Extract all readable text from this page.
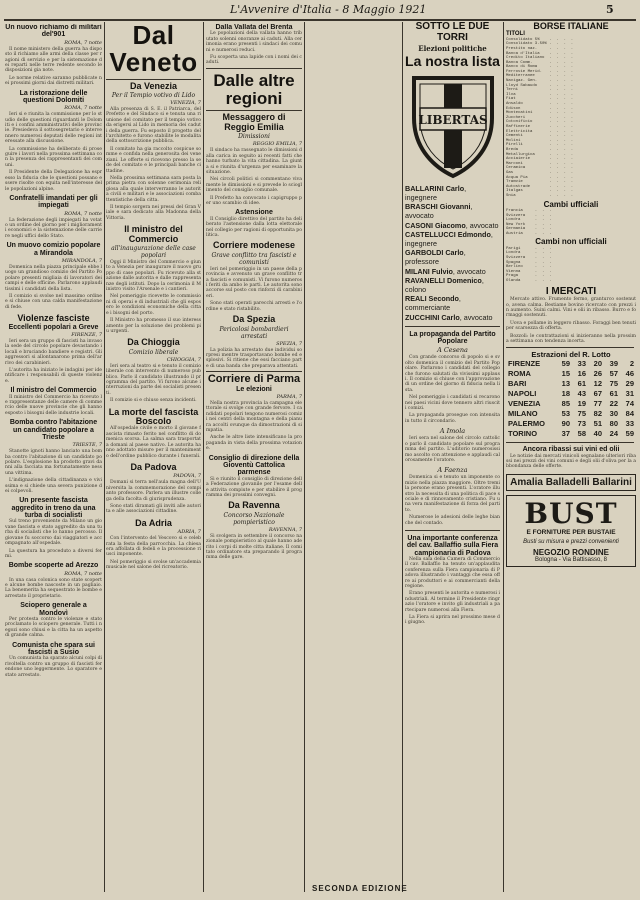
L'Avvenire d'Italia - 8 Maggio 1921	5
Un nuovo richiamo di militari del'901
ROMA, 7 notte

Il nome ministero della guerra ha disposto il richiamo alle armi della classe per ragioni di servizio e per la sistemazione dei reparti nelle terre redente secondo le disposizioni gia note.

Le norme relative saranno pubblicate nei prossimi giorni dai distretti militari.

La ristorazione delle questioni Dolomiti
ROMA, 7 notte

Ieri si e riunita la commissione per lo studio delle questioni riguardanti le Dolomiti e i confini amministrativi delle provincie. Presiedeva il sottosegretario e intervennero numerosi deputati delle regioni interessate alla discussione.

La commissione ha deliberato di proseguire i lavori nella prossima settimana con la presenza dei rappresentanti dei comuni.

Il Presidente della Delegazione ha espresso la fiducia che le questioni possano essere risolte con equita nell'interesse delle popolazioni alpine.

Confratelli imandati per gli impiegati
ROMA, 7 notte

La federazione degli impiegati ha votato un ordine del giorno per i miglioramenti economici e la sistemazione delle carriere negli uffici dello Stato.

Un muovo comizio popolare a Mirandola
MIRANDOLA, 7

Domenica nella piazza principale ebbe luogo un grandioso comizio del Partito Popolare presenti migliaia di lavoratori dei campi e delle officine. Parlarono applauditissimi i candidati della lista.

Il comizio si svolse nel massimo ordine e si chiuse con una calda manifestazione di fede.

Violenze fasciste
Eccellenti popolari a Greve
FIRENZE, 7

Ieri sera un gruppo di fascisti ha invaso la sede del circolo popolare devastando i locali e bruciando bandiere e registri. Gli aggressori si allontanarono prima dell'arrivo dei carabinieri.

L'autorita ha iniziato le indagini per identificare i responsabili di queste violenze.

Il ministro del Commercio

Il ministro del Commercio ha ricevuto le rappresentanze delle camere di commercio delle nuove provincie che gli hanno esposto i bisogni delle industrie locali.

Bomba contro l'abitazione un candidato popolare a Trieste
TRIESTE, 7

Stanotte ignoti hanno lanciato una bomba contro l'abitazione di un candidato popolare. L'esplosione ha prodotto gravi danni alla facciata ma fortunatamente nessuna vittima.

L'indignazione della cittadinanza e vivissima e si chiede una severa punizione dei colpevoli.

Un presente fascista aggredito in treno da una turba di socialisti

Sul treno proveniente da Milano un giovane fascista e stato aggredito da una turba di socialisti che lo hanno percosso. Il giovane fu soccorso dai viaggiatori e accompagnato all'ospedale.

La questura ha proceduto a diversi fermi.

Bombe scoperte ad Arezzo
ROMA, 7 notte

In una casa colonica sono state scoperte alcune bombe nascoste in un pagliaio. La benemerita ha sequestrato le bombe e arrestato il proprietario.

Sciopero generale a Mondovì

Per protesta contro le violenze e stato proclamato lo sciopero generale. Tutti i negozi sono chiusi e la citta ha un aspetto di grande calma.

Comunista che spara sui fascisti a Susio

Un comunista ha sparato alcuni colpi di rivoltella contro un gruppo di fascisti ferendone uno leggermente. Lo sparatore e stato arrestato.

Dal Veneto
Da Venezia
Per il Tempio votivo di Lido
VENEZIA, 7

Alla presenza di S. E. il Patriarca, del Prefetto e del Sindaco si e tenuta una riunione del comitato per il tempio votivo da erigersi al Lido in memoria dei caduti della guerra. Fu esposto il progetto dell'architetto e furono stabilite le modalita della sottoscrizione pubblica.

Il comitato ha gia raccolto cospicue somme e confida nella generosita dei veneziani. Le offerte si ricevono presso la sede del comitato e le principali banche cittadine.

Nella prossima settimana sara posta la prima pietra con solenne cerimonia religiosa alla quale interverranno le autorita civili e militari e le associazioni combattentistiche della citta.

Il tempio sorgera nei pressi del Gran Viale e sara dedicato alla Madonna della Vittoria.

Il ministro del Commercio
all'inaugurazione delle case popolari

Oggi il Ministro del Commercio e giunto a Venezia per inaugurare il nuovo gruppo di case popolari. Fu ricevuto alla stazione dalle autorita e dalle rappresentanze degli istituti. Dopo la cerimonia il Ministro visito l'Arsenale e i cantieri.

Nel pomeriggio ricevette le commissioni di operai e di industriali che gli esposero le condizioni economiche della citta e i bisogni del porto.

Il Ministro ha promesso il suo interessamento per la soluzione dei problemi piu urgenti.

Da Chioggia
Comizio liberale
CHIOGGIA, 7

Ieri sera al teatro si e tenuto il comizio liberale con intervento di numeroso pubblico. Parlo il candidato illustrando il programma del partito. Vi furono alcune interruzioni da parte dei socialisti presenti.

Il comizio si e chiuso senza incidenti.

La morte del fascista Boscolo

All'ospedale civile e morto il giovane fascista rimasto ferito nel conflitto di domenica scorsa. La salma sara trasportata domani al paese nativo. Le autorita hanno adottato misure per il mantenimento dell'ordine pubblico durante i funerali.

Da Padova
PADOVA, 7

Domani si terra nell'aula magna dell'Universita la commemorazione del compianto professore. Parlera un illustre collega della facolta di giurisprudenza.

Sono stati diramati gli inviti alle autorita e alle associazioni cittadine.

Da Adria
ADRIA, 7

Con l'intervento del Vescovo si e celebrata la festa della parrocchia. La chiesa era affollata di fedeli e la processione riusci imponente.

Nel pomeriggio si svolse un'accademia musicale nel salone del ricreatorio.

Dalla Vallata del Brenta

Le popolazioni della vallata hanno tributato solenni onoranze ai caduti. Alla cerimonia erano presenti i sindaci dei comuni e numerosi reduci.

Fu scoperta una lapide con i nomi dei caduti.

Dalle altre regioni
Messaggero di Reggio Emilia
Dimissioni
REGGIO EMILIA, 7

Il sindaco ha rassegnato le dimissioni dalla carica in seguito ai recenti fatti che hanno turbato la vita cittadina. La giunta si e riunita d'urgenza per esaminare la situazione.

Nei circoli politici si commentano vivamente le dimissioni e si prevede lo scioglimento del consiglio comunale.

Il Prefetto ha convocato i capigruppo per uno scambio di idee.

Astensione

Il Consiglio direttivo del partito ha deliberato l'astensione dalla lotta elettorale nel collegio per ragioni di opportunita politica.

Corriere modenese
Grave conflitto tra fascisti e comunisti

Ieri nel pomeriggio in un paese della provincia e avvenuto un grave conflitto tra fascisti e comunisti. Vi furono numerosi feriti da ambo le parti. Le autorita sono accorse sul posto con rinforzi di carabinieri.

Sono stati operati parecchi arresti e l'ordine e stato ristabilito.

Da Spezia
Pericolosi bombardieri arrestati
SPEZIA, 7

La polizia ha arrestato due individui sorpresi mentre trasportavano bombe ed esplosivi. Si ritiene che essi facciano parte di una banda che preparava attentati.

Corriere di Parma
Le elezioni
PARMA, 7

Nella nostra provincia la campagna elettorale si svolge con grande fervore. I candidati popolari tengono numerosi comizi nei centri della montagna e della pianura accolti ovunque da dimostrazioni di simpatia.

Anche le altre liste intensificano la propaganda in vista della prossima votazione.

Consiglio di direzione della Gioventù Cattolica parmense

Si e riunito il consiglio di direzione della Federazione giovanile per l'esame delle attivita compiute e per stabilire il programma dei prossimi convegni.

Da Ravenna
Concorso Nazionale pompieristico
RAVENNA, 7

Si svolgera in settembre il concorso nazionale pompieristico al quale hanno aderito i corpi di molte citta italiane. Il comitato ordinatore sta preparando il programma delle gare.

SECONDA EDIZIONE
SOTTO LE DUE TORRI
Elezioni politiche
La nostra lista
LIBERTAS
BALLARINI Carlo, ingegnere
BRASCHI Giovanni, avvocato
CASONI Giacomo, avvocato
CASTELLUCCI Edmondo, ingegnere
GARBOLDI Carlo, professore
MILANI Fulvio, avvocato
RAVANELLI Domenico, colono
REALI Secondo, commerciante
ZUCCHINI Carlo, avvocato
La propaganda del Partito Popolare
A Cesena

Con grande concorso di popolo si e svolto domenica il comizio del Partito Popolare. Parlarono i candidati del collegio che furono salutati da vivissimi applausi. Il comizio si chiuse con l'approvazione di un ordine del giorno di fiducia nella lista.

Nel pomeriggio i candidati si recarono nei paesi vicini dove tennero altri riusciti comizi.

La propaganda prosegue con intensita in tutto il circondario.

A Imola

Ieri sera nel salone del circolo cattolico parlo il candidato popolare sul programma del partito. L'uditorio numerosissimo ascolto con attenzione e applaudi calorosamente l'oratore.

A Faenza

Domenica si e tenuto un imponente comizio nella piazza maggiore. Oltre tremila persone erano presenti. L'oratore illustro la necessita di una politica di pace sociale e di rinnovamento cristiano. Fu una vera manifestazione di forza del partito.

Numerose le adesioni delle leghe bianche del contado.

Una importante conferenza del cav. Ballaffio sulla Fiera campionaria di Padova

Nella sala della Camera di Commercio il cav. Ballaffio ha tenuto un'applaudita conferenza sulla Fiera campionaria di Padova illustrando i vantaggi che essa offre ai produttori e ai commercianti della regione.

Erano presenti le autorita e numerosi industriali. Al termine il Presidente ringrazio l'oratore e invito gli industriali a partecipare numerosi alla Fiera.

La Fiera si aprira nel prossimo mese di giugno.

BORSE ITALIANE
TITOLI
Consolidato 5%    .  .  .  .
Consolidato 3.50% .  .  .  .
Prestito naz.     .  .  .  .
Banca d'Italia    .  .  .  .
Credito Italiano  .  .  .  .
Banca Comm.       .  .  .  .
Banco di Roma     .  .  .  .
Ferrovie Merid.   .  .  .  .
Mediterranee      .  .  .  .
Navigaz. Gen.     .  .  .  .
Lloyd Sabaudo     .  .  .  .
Terni             .  .  .  .
Ilva              .  .  .  .
Fiat              .  .  .  .
Ansaldo           .  .  .  .
Edison            .  .  .  .
Montecatini       .  .  .  .
Zuccheri          .  .  .  .
Cotonificio       .  .  .  .
Raffinerie        .  .  .  .
Elettricita       .  .  .  .
Cementi           .  .  .  .
Molini            .  .  .  .
Pirelli           .  .  .  .
Breda             .  .  .  .
Metallurgica      .  .  .  .
Acciaierie        .  .  .  .
Marconi           .  .  .  .
Ceramica          .  .  .  .
Gas               .  .  .  .
Acqua Pia         .  .  .  .
Tramvie           .  .  .  .
Autostrade        .  .  .  .
Italgas           .  .  .  .
Snia              .  .  .  .
Cambi ufficiali
Francia     .  .  .
Svizzera    .  .  .
Londra      .  .  .
New York    .  .  .
Germania    .  .  .
Austria     .  .  .
Cambi non ufficiali
Parigi      .  .  .
Londra      .  .  .
Svizzera    .  .  .
Spagna      .  .  .
Berlino     .  .  .
Vienna      .  .  .
Praga       .  .  .
Olanda      .  .  .
I MERCATI

Mercato attivo. Frumento fermo, granturco sostenuto, avena calma. Bestiame bovino ricercato con prezzi in aumento. Suini calmi. Vini e olii in ribasso. Burro e formaggi sostenuti.

Uova e pollame in leggero ribasso. Foraggi ben tenuti per scarsezza di offerta.

Bozzoli: le contrattazioni si inizieranno nella prossima settimana con tendenza incerta.

Estrazioni del R. Lotto
FIRENZE	59	33	20	39	2
ROMA	15	16	26	57	46
BARI	13	61	12	75	29
NAPOLI	18	43	67	61	31
VENEZIA	85	19	77	22	74
MILANO	53	75	82	30	84
PALERMO	90	73	51	80	33
TORINO	37	58	40	24	59
Ancora ribassi sui vini ed olii

Le notizie dai mercati vinicoli segnalano ulteriori ribassi nei prezzi dei vini comuni e degli olii d'oliva per la abbondanza delle offerte.

Amalia Balladelli Ballarini
BUST
E FORNITURE PER BUSTAIE
Busti su misura e prezzi convenienti
NEGOZIO RONDINE
Bologna - Via Battisasso, 8
